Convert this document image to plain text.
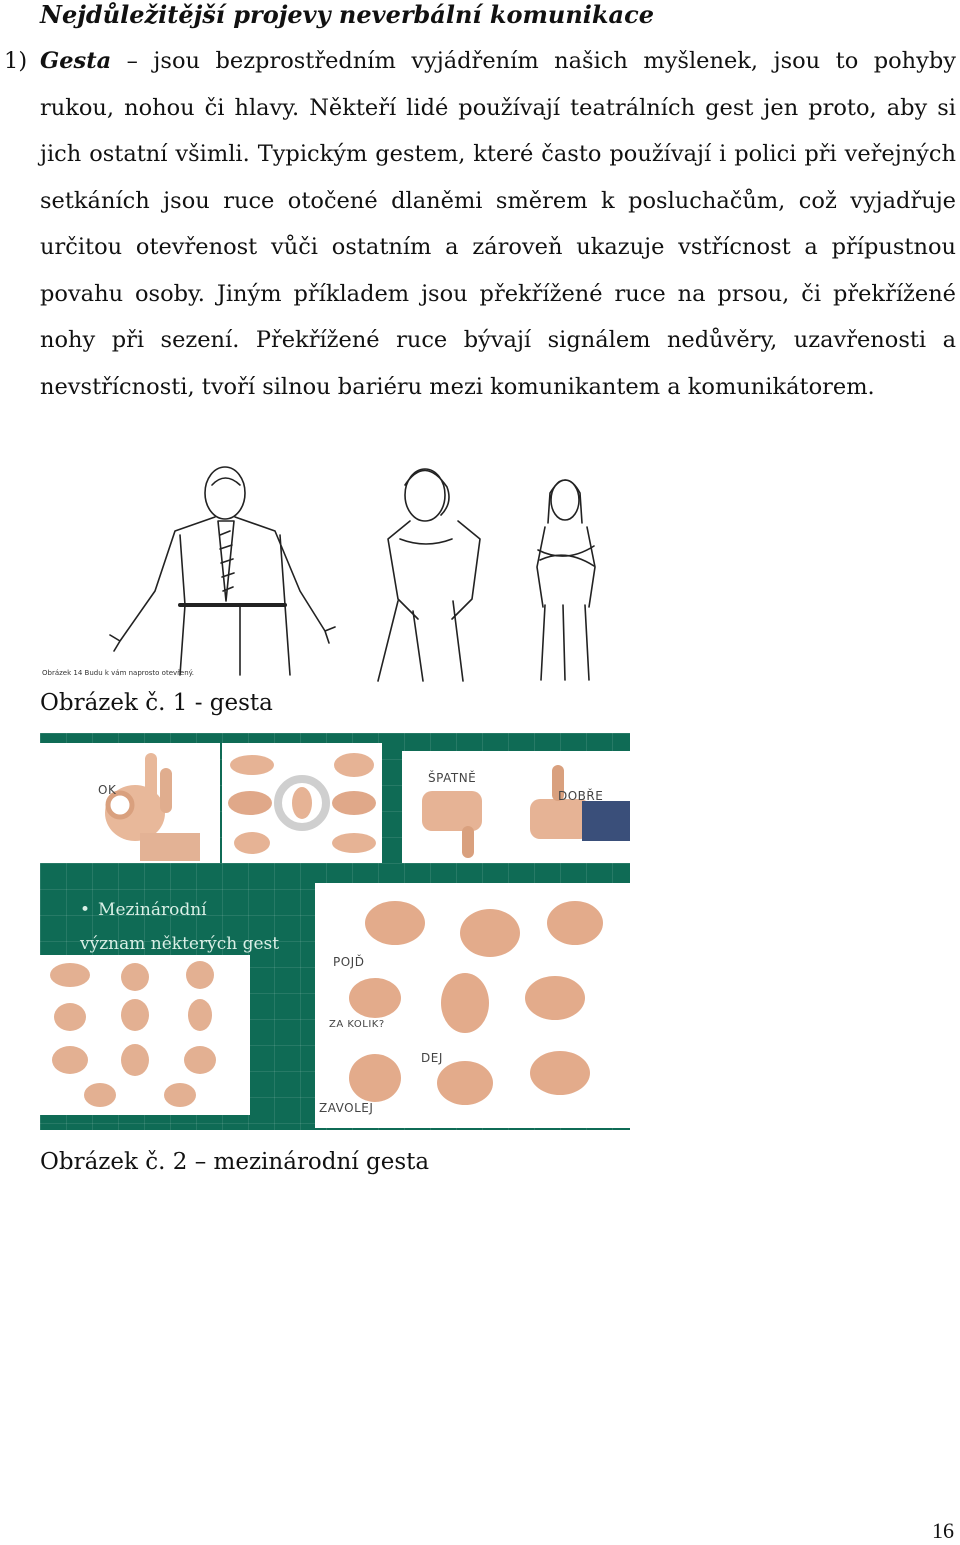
Nejdůležitější projevy neverbální komunikace
1) Gesta – jsou bezprostředním vyjádřením našich myšlenek, jsou to pohyby rukou, nohou či hlavy. Někteří lidé používají teatrálních gest jen proto, aby si jich ostatní všimli. Typickým gestem, které často používají i polici při veřejných setkáních jsou ruce otočené dlaněmi směrem k posluchačům, což vyjadřuje určitou otevřenost vůči ostatním a zároveň ukazuje vstřícnost a přípustnou povahu osoby. Jiným příkladem jsou překřížené ruce na prsou, či překřížené nohy při sezení. Překřížené ruce bývají signálem nedůvěry, uzavřenosti a nevstřícnosti, tvoří silnou bariéru mezi komunikantem a komunikátorem.
Obrázek 14 Budu k vám naprosto otevřený.
Obrázek č. 1 - gesta
OK
ŠPATNĚ
DOBŘE
• Mezinárodní
význam některých gest
POJĎ
ZA KOLIK?
DEJ
ZAVOLEJ
Obrázek č. 2 – mezinárodní gesta
16
